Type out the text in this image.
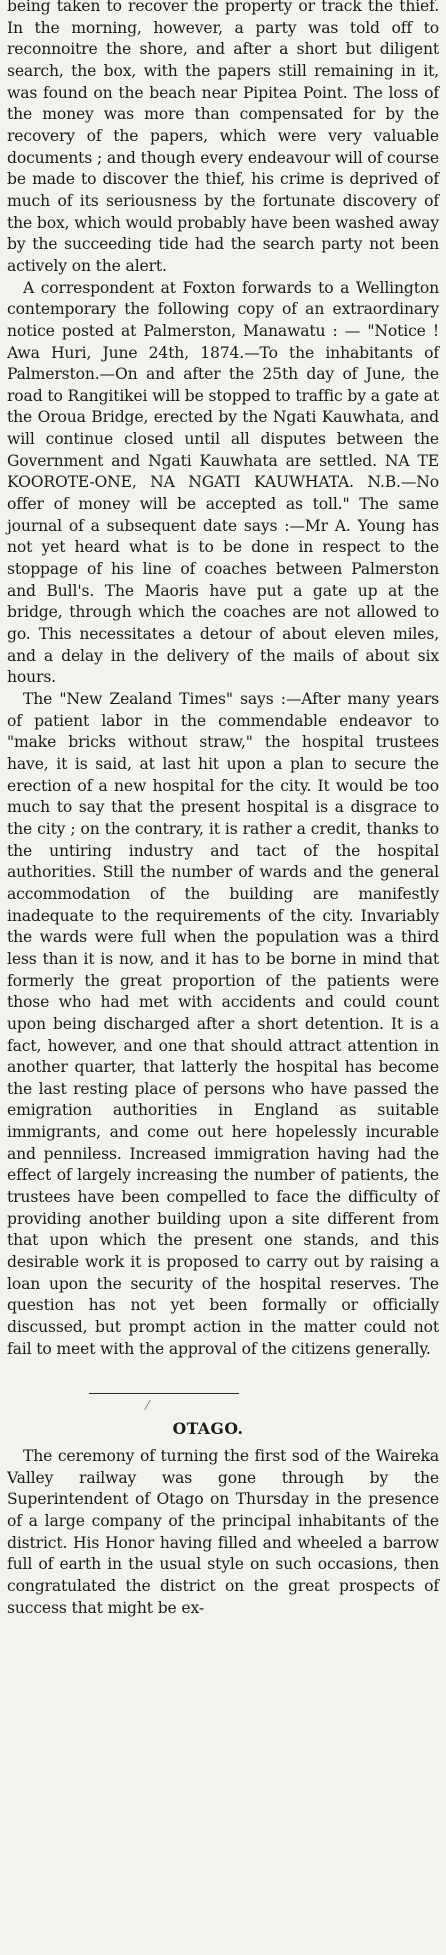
being taken to recover the property or track the thief. In the morning, however, a party was told off to reconnoitre the shore, and after a short but diligent search, the box, with the papers still remaining in it, was found on the beach near Pipitea Point. The loss of the money was more than compensated for by the recovery of the papers, which were very valuable documents ; and though every endeavour will of course be made to discover the thief, his crime is deprived of much of its seriousness by the fortunate discovery of the box, which would probably have been washed away by the succeeding tide had the search party not been actively on the alert.

A correspondent at Foxton forwards to a Wellington contemporary the following copy of an extraordinary notice posted at Palmerston, Manawatu : — "Notice ! Awa Huri, June 24th, 1874.—To the inhabitants of Palmerston.—On and after the 25th day of June, the road to Rangitikei will be stopped to traffic by a gate at the Oroua Bridge, erected by the Ngati Kauwhata, and will continue closed until all disputes between the Government and Ngati Kauwhata are settled. NA TE KOOROTE-ONE, NA NGATI KAUWHATA. N.B.—No offer of money will be accepted as toll." The same journal of a subsequent date says :—Mr A. Young has not yet heard what is to be done in respect to the stoppage of his line of coaches between Palmerston and Bull's. The Maoris have put a gate up at the bridge, through which the coaches are not allowed to go. This necessitates a detour of about eleven miles, and a delay in the delivery of the mails of about six hours.

The "New Zealand Times" says :—After many years of patient labor in the commendable endeavor to "make bricks without straw," the hospital trustees have, it is said, at last hit upon a plan to secure the erection of a new hospital for the city. It would be too much to say that the present hospital is a disgrace to the city ; on the contrary, it is rather a credit, thanks to the untiring industry and tact of the hospital authorities. Still the number of wards and the general accommodation of the building are manifestly inadequate to the requirements of the city. Invariably the wards were full when the population was a third less than it is now, and it has to be borne in mind that formerly the great proportion of the patients were those who had met with accidents and could count upon being discharged after a short detention. It is a fact, however, and one that should attract attention in another quarter, that latterly the hospital has become the last resting place of persons who have passed the emigration authorities in England as suitable immigrants, and come out here hopelessly incurable and penniless. Increased immigration having had the effect of largely increasing the number of patients, the trustees have been compelled to face the difficulty of providing another building upon a site different from that upon which the present one stands, and this desirable work it is proposed to carry out by raising a loan upon the security of the hospital reserves. The question has not yet been formally or officially discussed, but prompt action in the matter could not fail to meet with the approval of the citizens generally.

OTAGO.

The ceremony of turning the first sod of the Waireka Valley railway was gone through by the Superintendent of Otago on Thursday in the presence of a large company of the principal inhabitants of the district. His Honor having filled and wheeled a barrow full of earth in the usual style on such occasions, then congratulated the district on the great prospects of success that might be ex-
